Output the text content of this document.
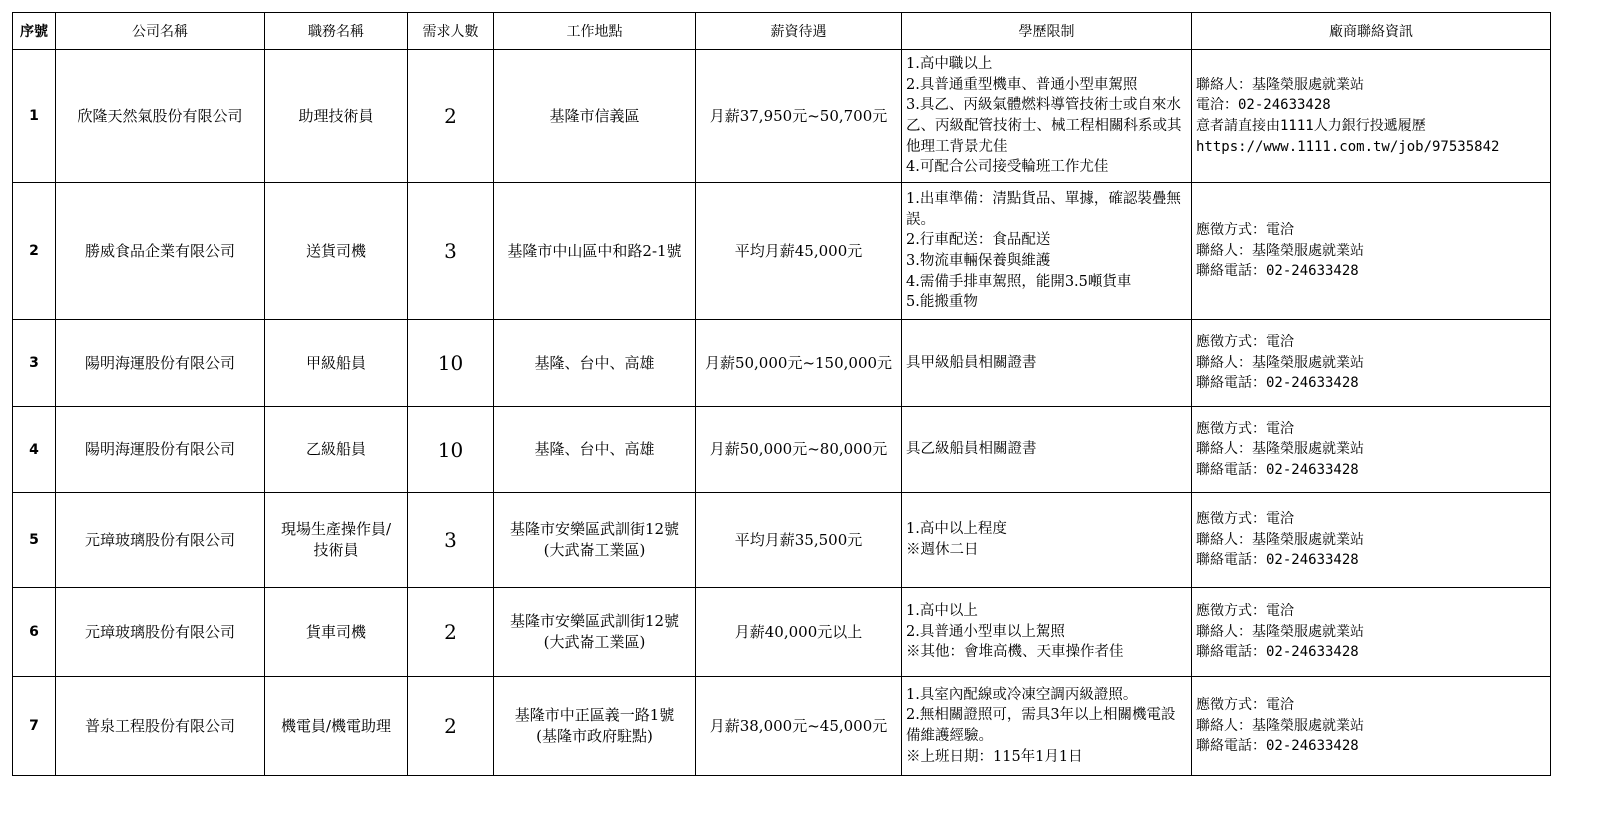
序號	公司名稱	職務名稱	需求人數	工作地點	薪資待遇	學歷限制	廠商聯絡資訊
1	欣隆天然氣股份有限公司	助理技術員	2	基隆市信義區	月薪37,950元~50,700元	1.高中職以上
2.具普通重型機車、普通小型車駕照
3.具乙、丙級氣體燃料導管技術士或自來水乙、丙級配管技術士、械工程相關科系或其他理工背景尤佳
4.可配合公司接受輪班工作尤佳	聯絡人：基隆榮服處就業站
電洽：02-24633428
意者請直接由1111人力銀行投遞履歷
https://www.1111.com.tw/job/97535842
2	勝威食品企業有限公司	送貨司機	3	基隆市中山區中和路2-1號	平均月薪45,000元	1.出車準備：清點貨品、單據，確認裝疊無誤。
2.行車配送：食品配送
3.物流車輛保養與維護
4.需備手排車駕照，能開3.5噸貨車
5.能搬重物	應徵方式：電洽
聯絡人：基隆榮服處就業站
聯絡電話：02-24633428
3	陽明海運股份有限公司	甲級船員	10	基隆、台中、高雄	月薪50,000元~150,000元	具甲級船員相關證書	應徵方式：電洽
聯絡人：基隆榮服處就業站
聯絡電話：02-24633428
4	陽明海運股份有限公司	乙級船員	10	基隆、台中、高雄	月薪50,000元~80,000元	具乙級船員相關證書	應徵方式：電洽
聯絡人：基隆榮服處就業站
聯絡電話：02-24633428
5	元璋玻璃股份有限公司	現場生產操作員/
技術員	3	基隆市安樂區武訓街12號
(大武崙工業區)	平均月薪35,500元	1.高中以上程度
※週休二日	應徵方式：電洽
聯絡人：基隆榮服處就業站
聯絡電話：02-24633428
6	元璋玻璃股份有限公司	貨車司機	2	基隆市安樂區武訓街12號
(大武崙工業區)	月薪40,000元以上	1.高中以上
2.具普通小型車以上駕照
※其他：會堆高機、天車操作者佳	應徵方式：電洽
聯絡人：基隆榮服處就業站
聯絡電話：02-24633428
7	普泉工程股份有限公司	機電員/機電助理	2	基隆市中正區義一路1號
(基隆市政府駐點)	月薪38,000元~45,000元	1.具室內配線或冷凍空調丙級證照。
2.無相關證照可，需具3年以上相關機電設備維護經驗。
※上班日期：115年1月1日	應徵方式：電洽
聯絡人：基隆榮服處就業站
聯絡電話：02-24633428
